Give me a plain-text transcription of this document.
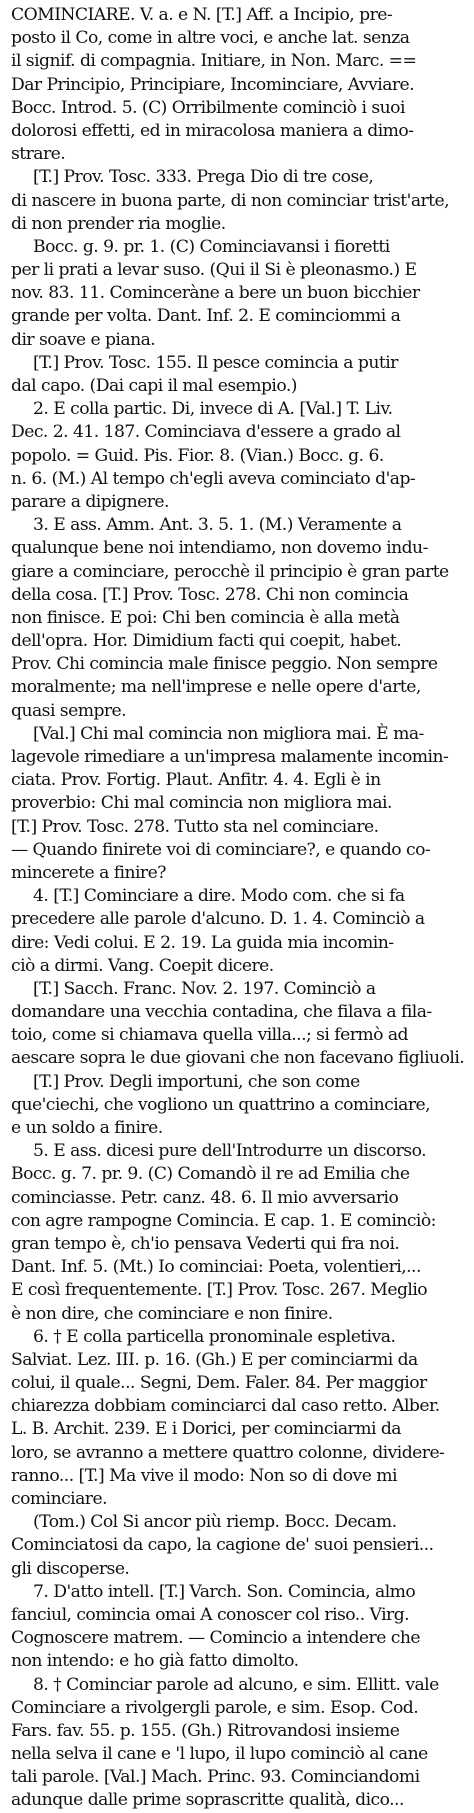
COMINCIARE. V. a. e N. [T.] Aff. a Incipio, pre-
posto il Co, come in altre voci, e anche lat. senza
il signif. di compagnia. Initiare, in Non. Marc. ==
Dar Principio, Principiare, Incominciare, Avviare.
Bocc. Introd. 5. (C) Orribilmente cominciò i suoi
dolorosi effetti, ed in miracolosa maniera a dimo-
strare.
[T.] Prov. Tosc. 333. Prega Dio di tre cose,
di nascere in buona parte, di non cominciar trist'arte,
di non prender ria moglie.
Bocc. g. 9. pr. 1. (C) Cominciavansi i fioretti
per li prati a levar suso. (Qui il Si è pleonasmo.) E
nov. 83. 11. Cominceràne a bere un buon bicchier
grande per volta. Dant. Inf. 2. E cominciommi a
dir soave e piana.
[T.] Prov. Tosc. 155. Il pesce comincia a putir
dal capo. (Dai capi il mal esempio.)
2. E colla partic. Di, invece di A. [Val.] T. Liv.
Dec. 2. 41. 187. Cominciava d'essere a grado al
popolo. = Guid. Pis. Fior. 8. (Vian.) Bocc. g. 6.
n. 6. (M.) Al tempo ch'egli aveva cominciato d'ap-
parare a dipignere.
3. E ass. Amm. Ant. 3. 5. 1. (M.) Veramente a
qualunque bene noi intendiamo, non dovemo indu-
giare a cominciare, perocchè il principio è gran parte
della cosa. [T.] Prov. Tosc. 278. Chi non comincia
non finisce. E poi: Chi ben comincia è alla metà
dell'opra. Hor. Dimidium facti qui coepit, habet.
Prov. Chi comincia male finisce peggio. Non sempre
moralmente; ma nell'imprese e nelle opere d'arte,
quasi sempre.
[Val.] Chi mal comincia non migliora mai. È ma-
lagevole rimediare a un'impresa malamente incomin-
ciata. Prov. Fortig. Plaut. Anfitr. 4. 4. Egli è in
proverbio: Chi mal comincia non migliora mai.
[T.] Prov. Tosc. 278. Tutto sta nel cominciare.
— Quando finirete voi di cominciare?, e quando co-
mincerete a finire?
4. [T.] Cominciare a dire. Modo com. che si fa
precedere alle parole d'alcuno. D. 1. 4. Cominciò a
dire: Vedi colui. E 2. 19. La guida mia incomin-
ciò a dirmi. Vang. Coepit dicere.
[T.] Sacch. Franc. Nov. 2. 197. Cominciò a
domandare una vecchia contadina, che filava a fila-
toio, come si chiamava quella villa...; si fermò ad
aescare sopra le due giovani che non facevano figliuoli.
[T.] Prov. Degli importuni, che son come
que'ciechi, che vogliono un quattrino a cominciare,
e un soldo a finire.
5. E ass. dicesi pure dell'Introdurre un discorso.
Bocc. g. 7. pr. 9. (C) Comandò il re ad Emilia che
cominciasse. Petr. canz. 48. 6. Il mio avversario
con agre rampogne Comincia. E cap. 1. E cominciò:
gran tempo è, ch'io pensava Vederti qui fra noi.
Dant. Inf. 5. (Mt.) Io cominciai: Poeta, volentieri,...
E così frequentemente. [T.] Prov. Tosc. 267. Meglio
è non dire, che cominciare e non finire.
6. † E colla particella pronominale espletiva.
Salviat. Lez. III. p. 16. (Gh.) E per cominciarmi da
colui, il quale... Segni, Dem. Faler. 84. Per maggior
chiarezza dobbiam cominciarci dal caso retto. Alber.
L. B. Archit. 239. E i Dorici, per cominciarmi da
loro, se avranno a mettere quattro colonne, dividere-
ranno... [T.] Ma vive il modo: Non so di dove mi
cominciare.
(Tom.) Col Si ancor più riemp. Bocc. Decam.
Cominciatosi da capo, la cagione de' suoi pensieri...
gli discoperse.
7. D'atto intell. [T.] Varch. Son. Comincia, almo
fanciul, comincia omai A conoscer col riso.. Virg.
Cognoscere matrem. — Comincio a intendere che
non intendo: e ho già fatto dimolto.
8. † Cominciar parole ad alcuno, e sim. Ellitt. vale
Cominciare a rivolgergli parole, e sim. Esop. Cod.
Fars. fav. 55. p. 155. (Gh.) Ritrovandosi insieme
nella selva il cane e 'l lupo, il lupo cominciò al cane
tali parole. [Val.] Mach. Princ. 93. Cominciandomi
adunque dalle prime soprascritte qualità, dico...
